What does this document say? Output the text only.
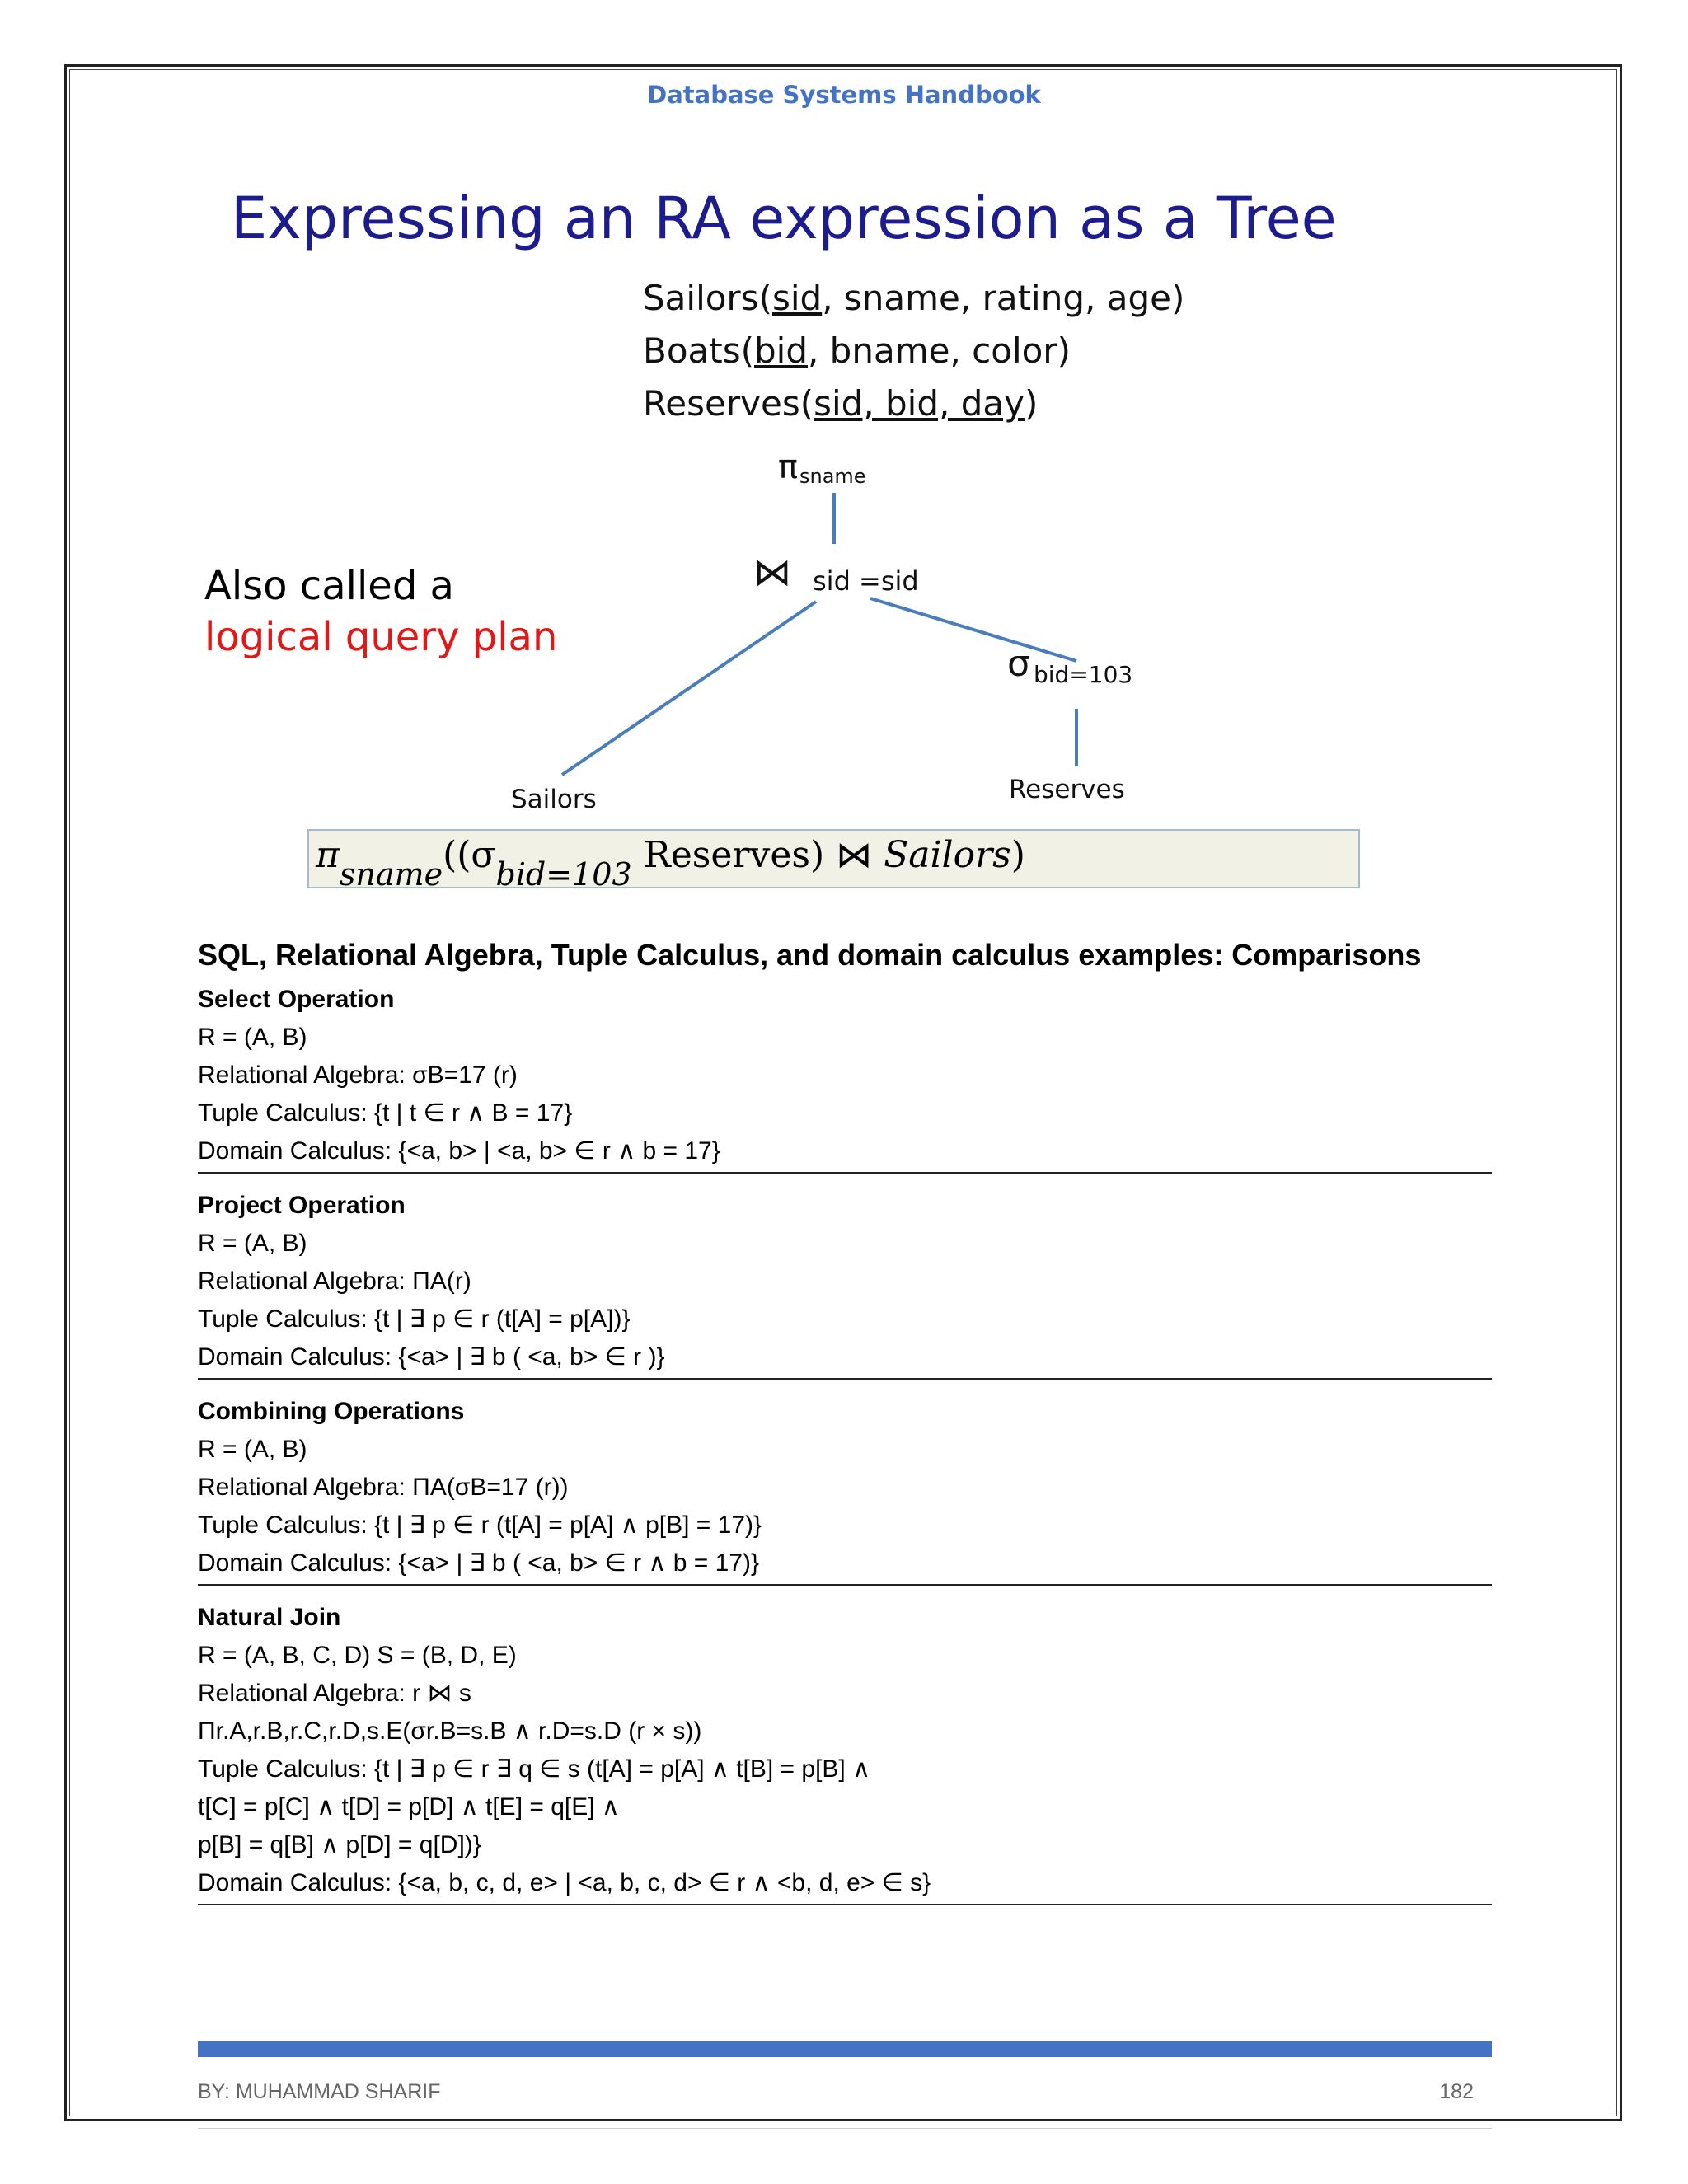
Database Systems Handbook
Expressing an RA expression as a Tree
Sailors(sid, sname, rating, age)
Boats(bid, bname, color)
Reserves(sid, bid, day)
Also called a
logical query plan
π sname
⋈ sid =sid
σ bid=103
Sailors	Reserves
πsname((σbid=103 Reserves) ⋈ Sailors)
SQL, Relational Algebra, Tuple Calculus, and domain calculus examples: Comparisons
Select Operation
R = (A, B)
Relational Algebra: σB=17 (r)
Tuple Calculus: {t | t ∈ r ∧ B = 17}
Domain Calculus: {<a, b> | <a, b> ∈ r ∧ b = 17}
Project Operation
R = (A, B)
Relational Algebra: ΠA(r)
Tuple Calculus: {t | ∃ p ∈ r (t[A] = p[A])}
Domain Calculus: {<a> | ∃ b ( <a, b> ∈ r )}
Combining Operations
R = (A, B)
Relational Algebra: ΠA(σB=17 (r))
Tuple Calculus: {t | ∃ p ∈ r (t[A] = p[A] ∧ p[B] = 17)}
Domain Calculus: {<a> | ∃ b ( <a, b> ∈ r ∧ b = 17)}
Natural Join
R = (A, B, C, D) S = (B, D, E)
Relational Algebra: r ⋈ s
Πr.A,r.B,r.C,r.D,s.E(σr.B=s.B ∧ r.D=s.D (r × s))
Tuple Calculus: {t | ∃ p ∈ r ∃ q ∈ s (t[A] = p[A] ∧ t[B] = p[B] ∧
t[C] = p[C] ∧ t[D] = p[D] ∧ t[E] = q[E] ∧
p[B] = q[B] ∧ p[D] = q[D])}
Domain Calculus: {<a, b, c, d, e> | <a, b, c, d> ∈ r ∧ <b, d, e> ∈ s}
BY: MUHAMMAD SHARIF	182
